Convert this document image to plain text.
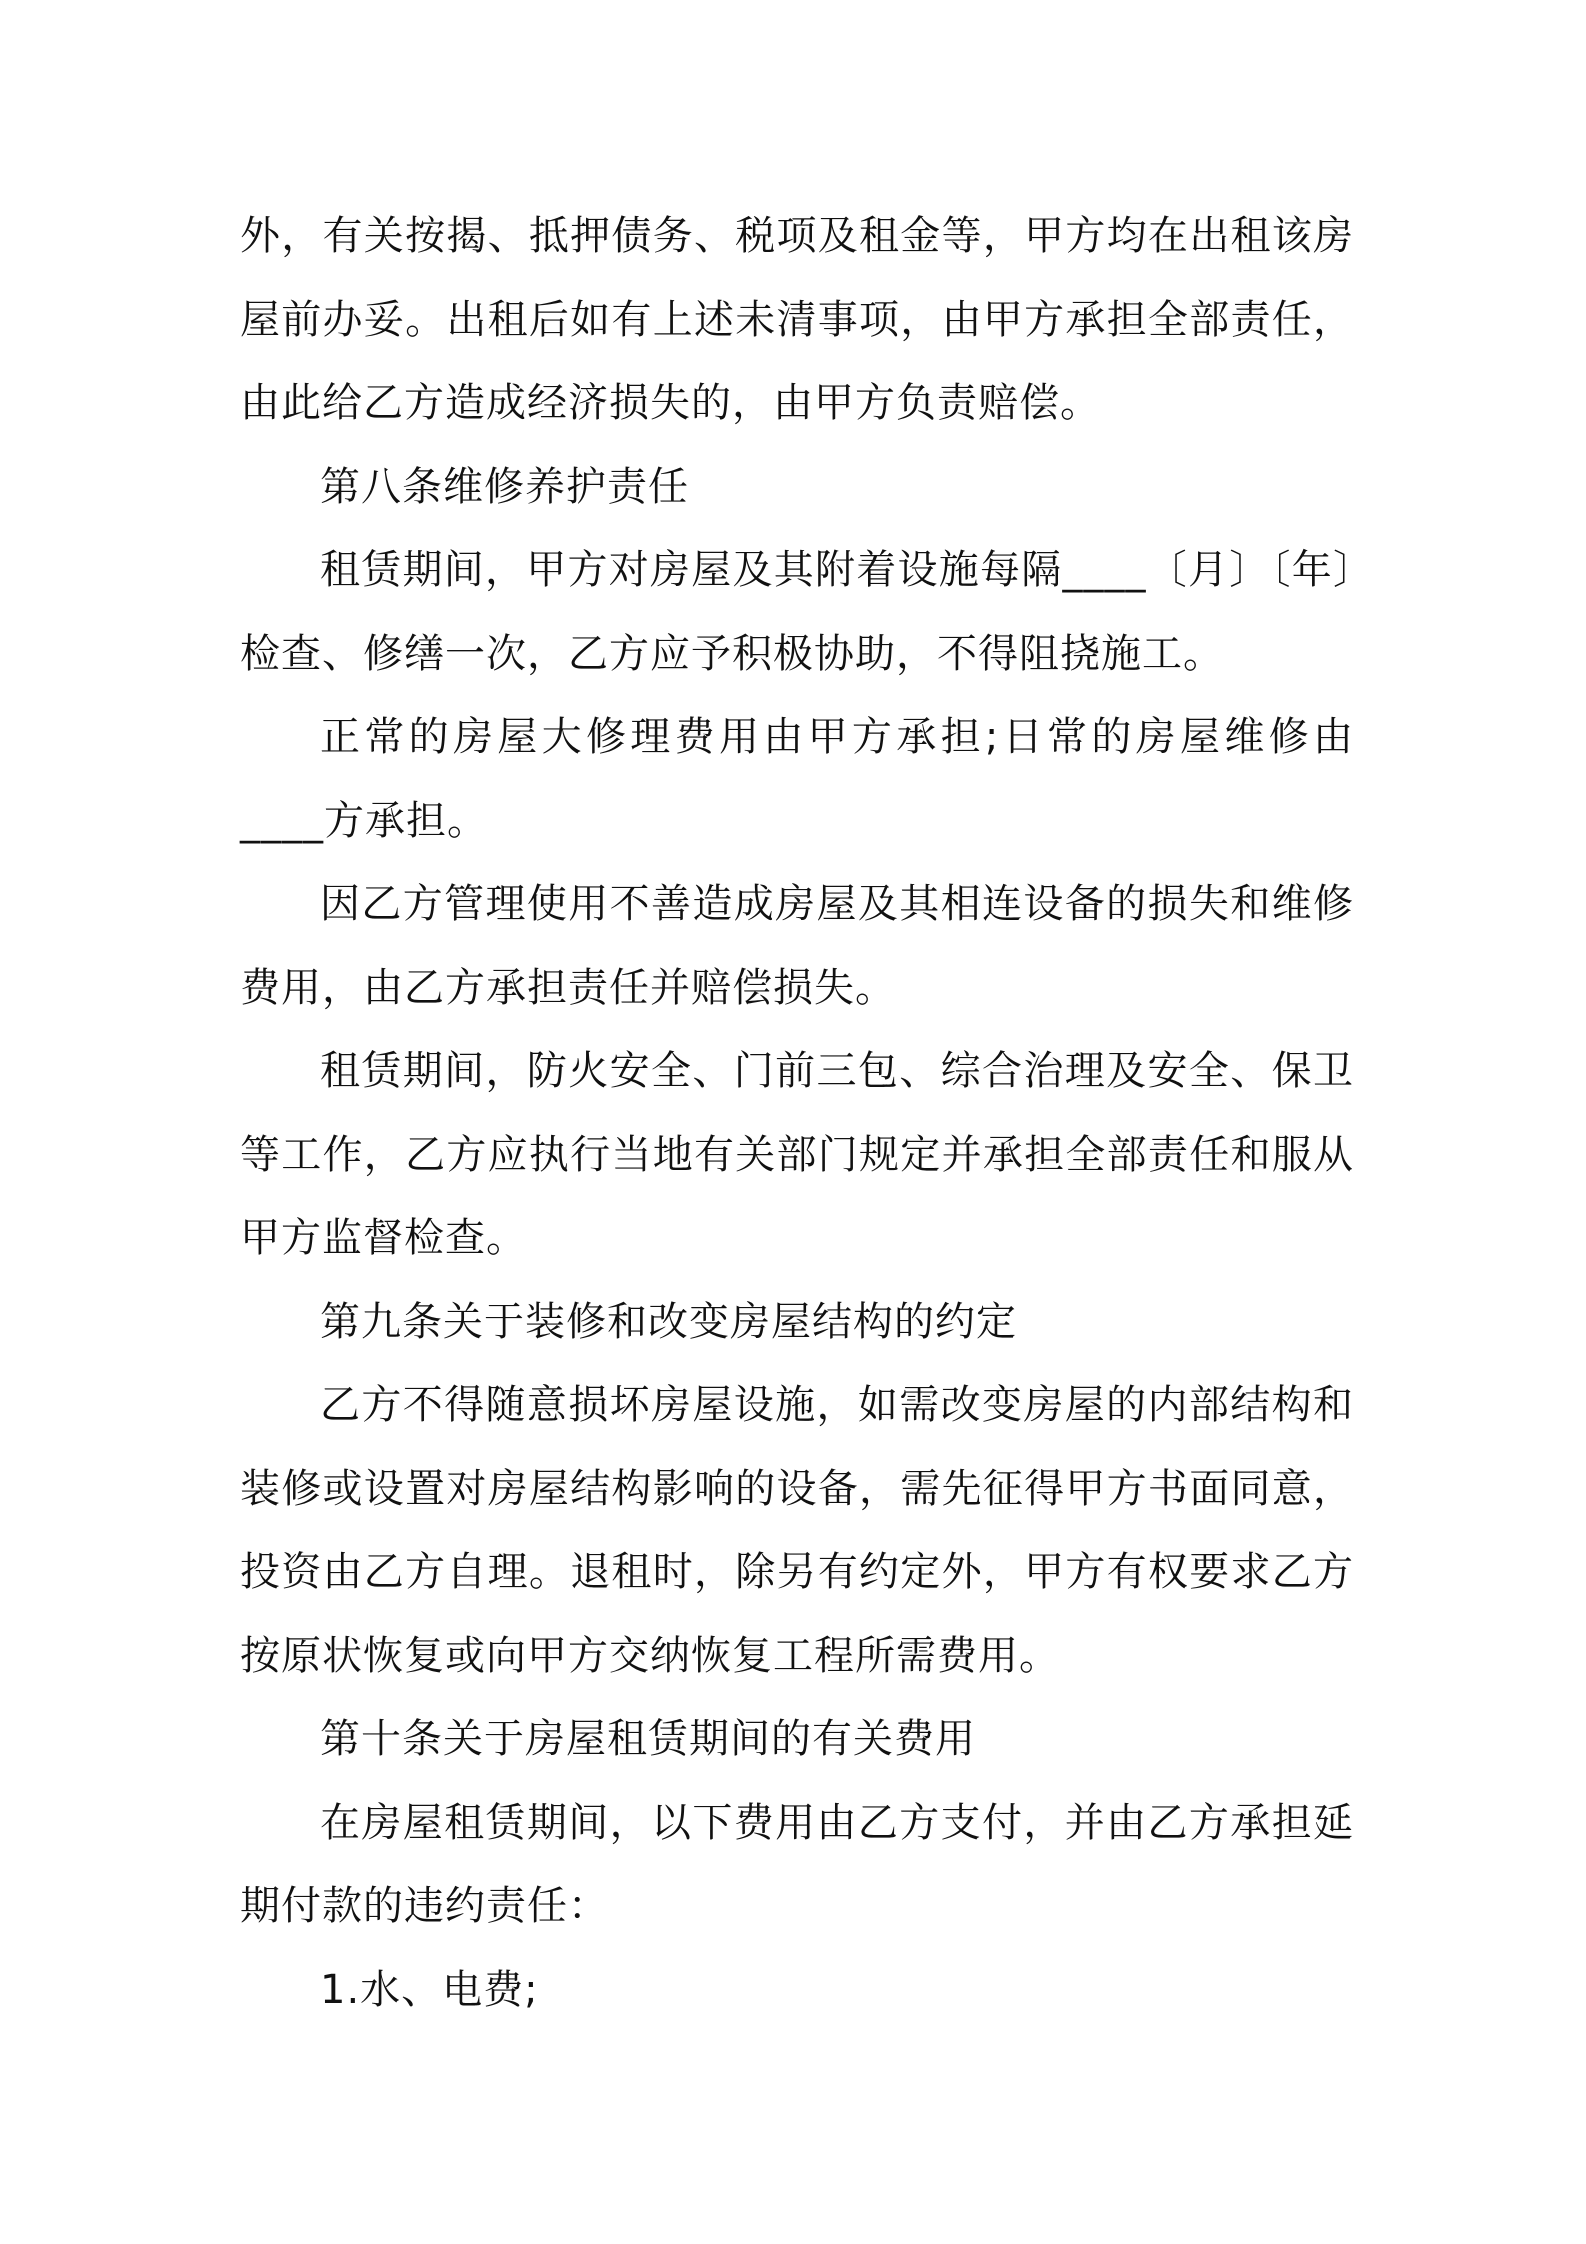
外，有关按揭、抵押债务、税项及租金等，甲方均在出租该房屋前办妥。出租后如有上述未清事项，由甲方承担全部责任，由此给乙方造成经济损失的，由甲方负责赔偿。

第八条维修养护责任

租赁期间，甲方对房屋及其附着设施每隔____〔月〕〔年〕检查、修缮一次，乙方应予积极协助，不得阻挠施工。

正常的房屋大修理费用由甲方承担;日常的房屋维修由____方承担。

因乙方管理使用不善造成房屋及其相连设备的损失和维修费用，由乙方承担责任并赔偿损失。

租赁期间，防火安全、门前三包、综合治理及安全、保卫等工作，乙方应执行当地有关部门规定并承担全部责任和服从甲方监督检查。

第九条关于装修和改变房屋结构的约定

乙方不得随意损坏房屋设施，如需改变房屋的内部结构和装修或设置对房屋结构影响的设备，需先征得甲方书面同意，投资由乙方自理。退租时，除另有约定外，甲方有权要求乙方按原状恢复或向甲方交纳恢复工程所需费用。

第十条关于房屋租赁期间的有关费用

在房屋租赁期间，以下费用由乙方支付，并由乙方承担延期付款的违约责任：

1.水、电费;
